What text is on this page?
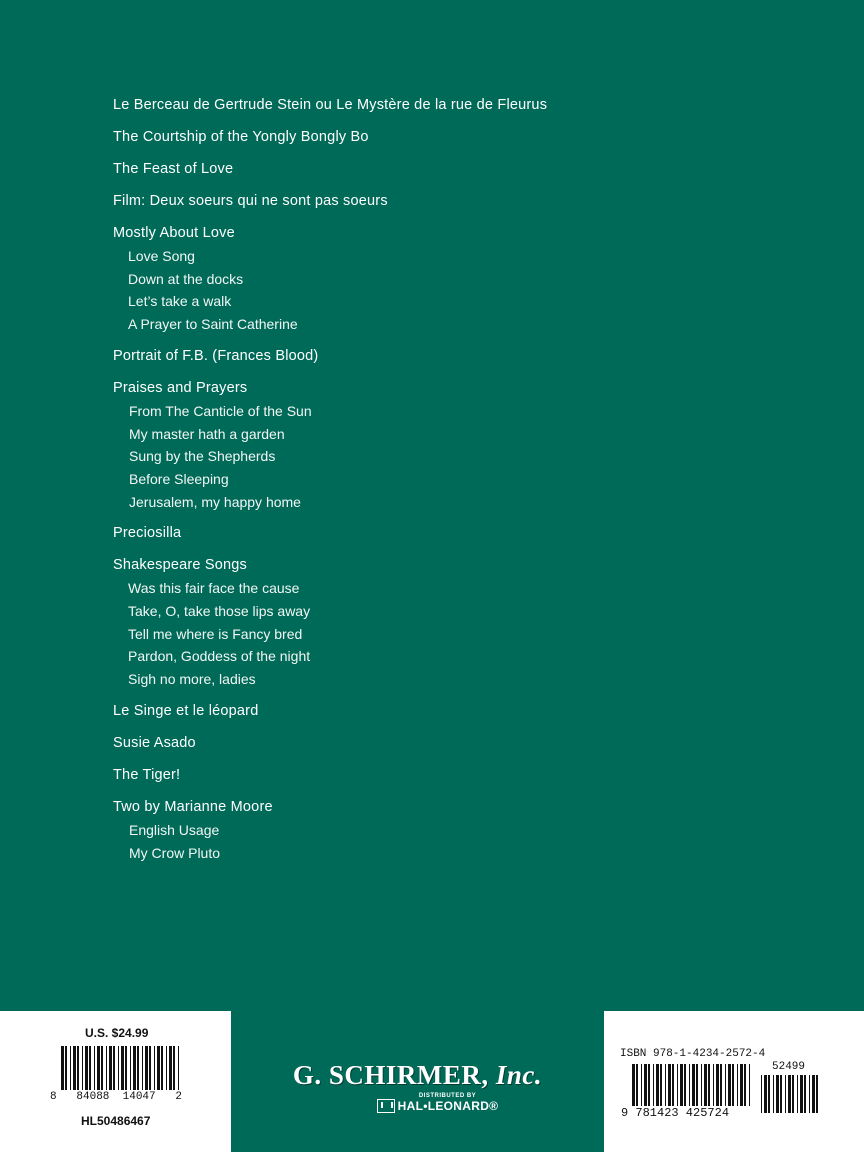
Le Berceau de Gertrude Stein ou Le Mystère de la rue de Fleurus
The Courtship of the Yongly Bongly Bo
The Feast of Love
Film: Deux soeurs qui ne sont pas soeurs
Mostly About Love
Love Song
Down at the docks
Let’s take a walk
A Prayer to Saint Catherine
Portrait of F.B. (Frances Blood)
Praises and Prayers
From The Canticle of the Sun
My master hath a garden
Sung by the Shepherds
Before Sleeping
Jerusalem, my happy home
Preciosilla
Shakespeare Songs
Was this fair face the cause
Take, O, take those lips away
Tell me where is Fancy bred
Pardon, Goddess of the night
Sigh no more, ladies
Le Singe et le léopard
Susie Asado
The Tiger!
Two by Marianne Moore
English Usage
My Crow Pluto
U.S. $24.99
8   84088  14047   2
HL50486467
G. SCHIRMER, Inc.
DISTRIBUTED BY
HAL•LEONARD®
ISBN 978-1-4234-2572-4
9 781423 425724
52499
